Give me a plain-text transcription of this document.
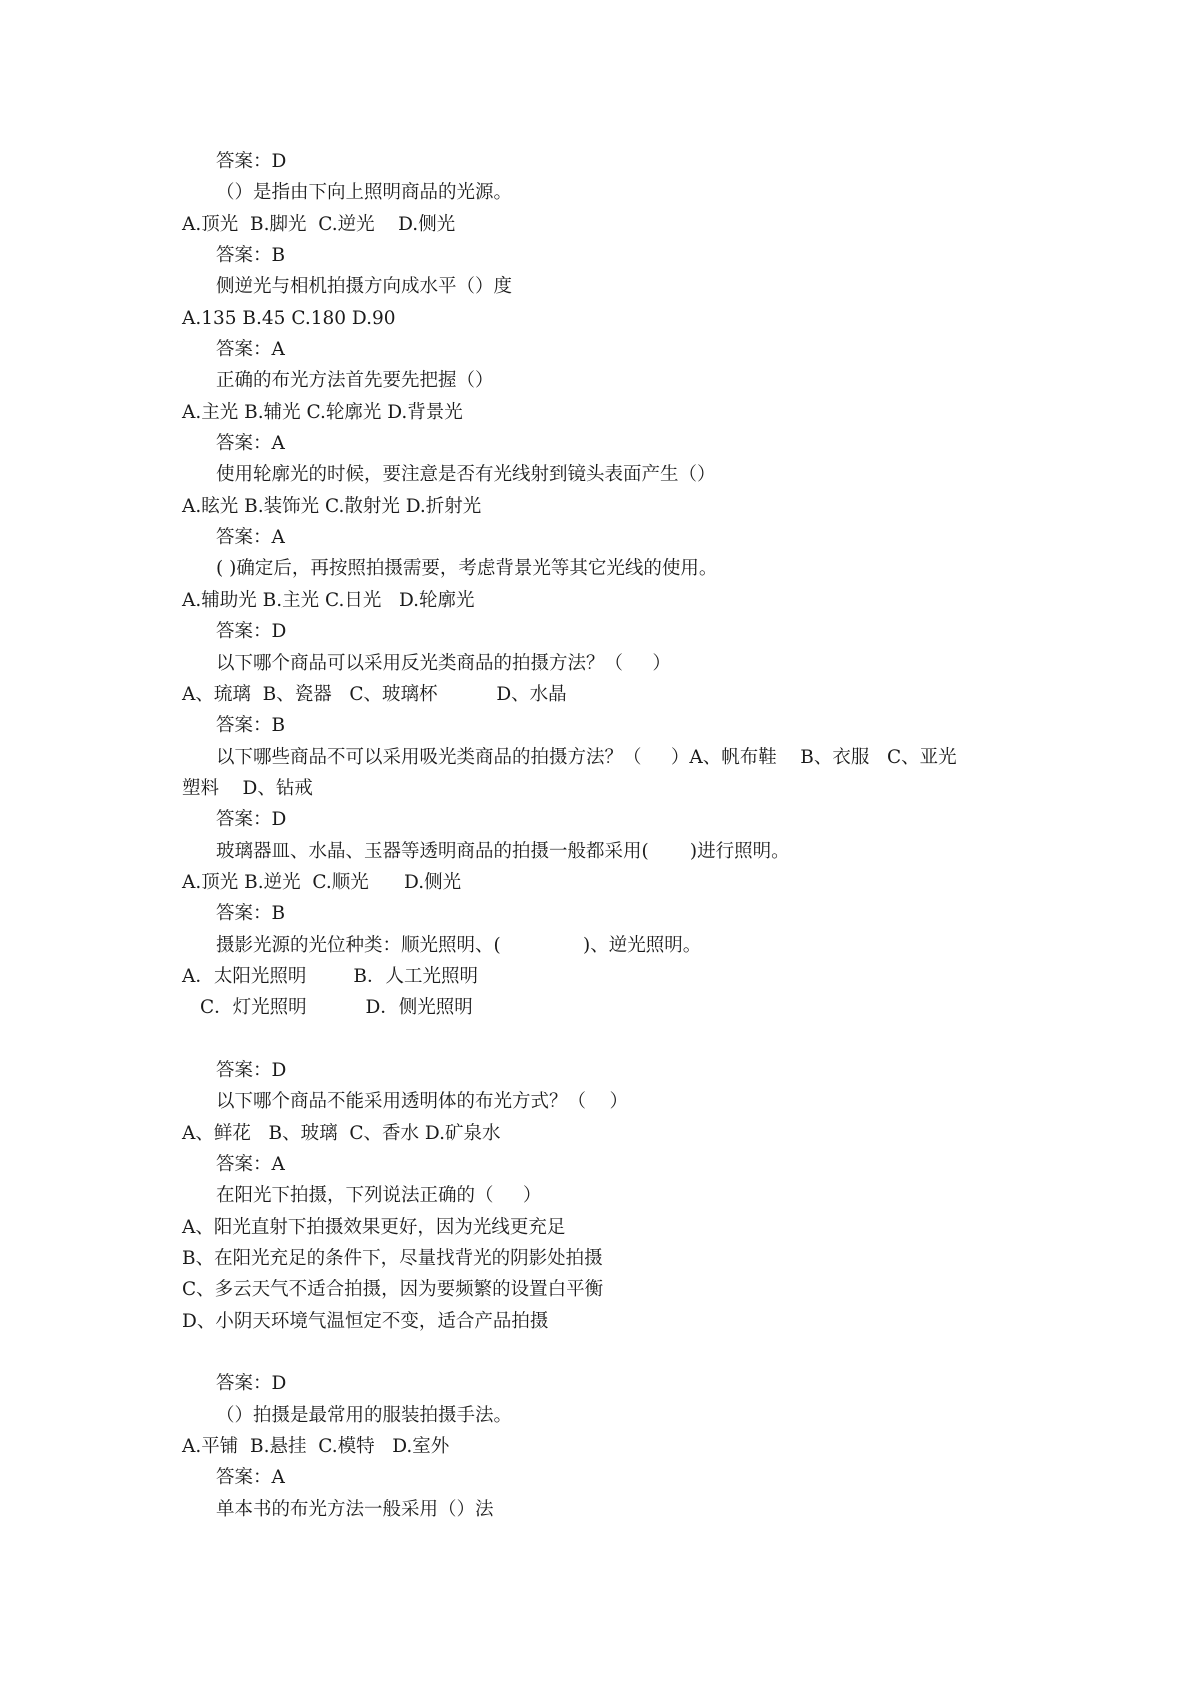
答案：D
（）是指由下向上照明商品的光源。
A.顶光  B.脚光  C.逆光    D.侧光
答案：B
侧逆光与相机拍摄方向成水平（）度
A.135 B.45 C.180 D.90
答案：A
正确的布光方法首先要先把握（）
A.主光 B.辅光 C.轮廓光 D.背景光
答案：A
使用轮廓光的时候，要注意是否有光线射到镜头表面产生（）
A.眩光 B.装饰光 C.散射光 D.折射光
答案：A
( )确定后，再按照拍摄需要，考虑背景光等其它光线的使用。
A.辅助光 B.主光 C.日光   D.轮廓光
答案：D
以下哪个商品可以采用反光类商品的拍摄方法？（     ）
A、琉璃  B、瓷器   C、玻璃杯          D、水晶
答案：B
以下哪些商品不可以采用吸光类商品的拍摄方法？（     ）A、帆布鞋    B、衣服   C、亚光
塑料    D、钻戒
答案：D
玻璃器皿、水晶、玉器等透明商品的拍摄一般都采用(       )进行照明。
A.顶光 B.逆光  C.顺光      D.侧光
答案：B
摄影光源的光位种类：顺光照明、(              )、逆光照明。
A．太阳光照明        B．人工光照明
C．灯光照明          D．侧光照明
答案：D
以下哪个商品不能采用透明体的布光方式？（    ）
A、鲜花   B、玻璃  C、香水 D.矿泉水
答案：A
在阳光下拍摄，下列说法正确的（     ）
A、阳光直射下拍摄效果更好，因为光线更充足
B、在阳光充足的条件下，尽量找背光的阴影处拍摄
C、多云天气不适合拍摄，因为要频繁的设置白平衡
D、小阴天环境气温恒定不变，适合产品拍摄
答案：D
（）拍摄是最常用的服装拍摄手法。
A.平铺  B.悬挂  C.模特   D.室外
答案：A
单本书的布光方法一般采用（）法
